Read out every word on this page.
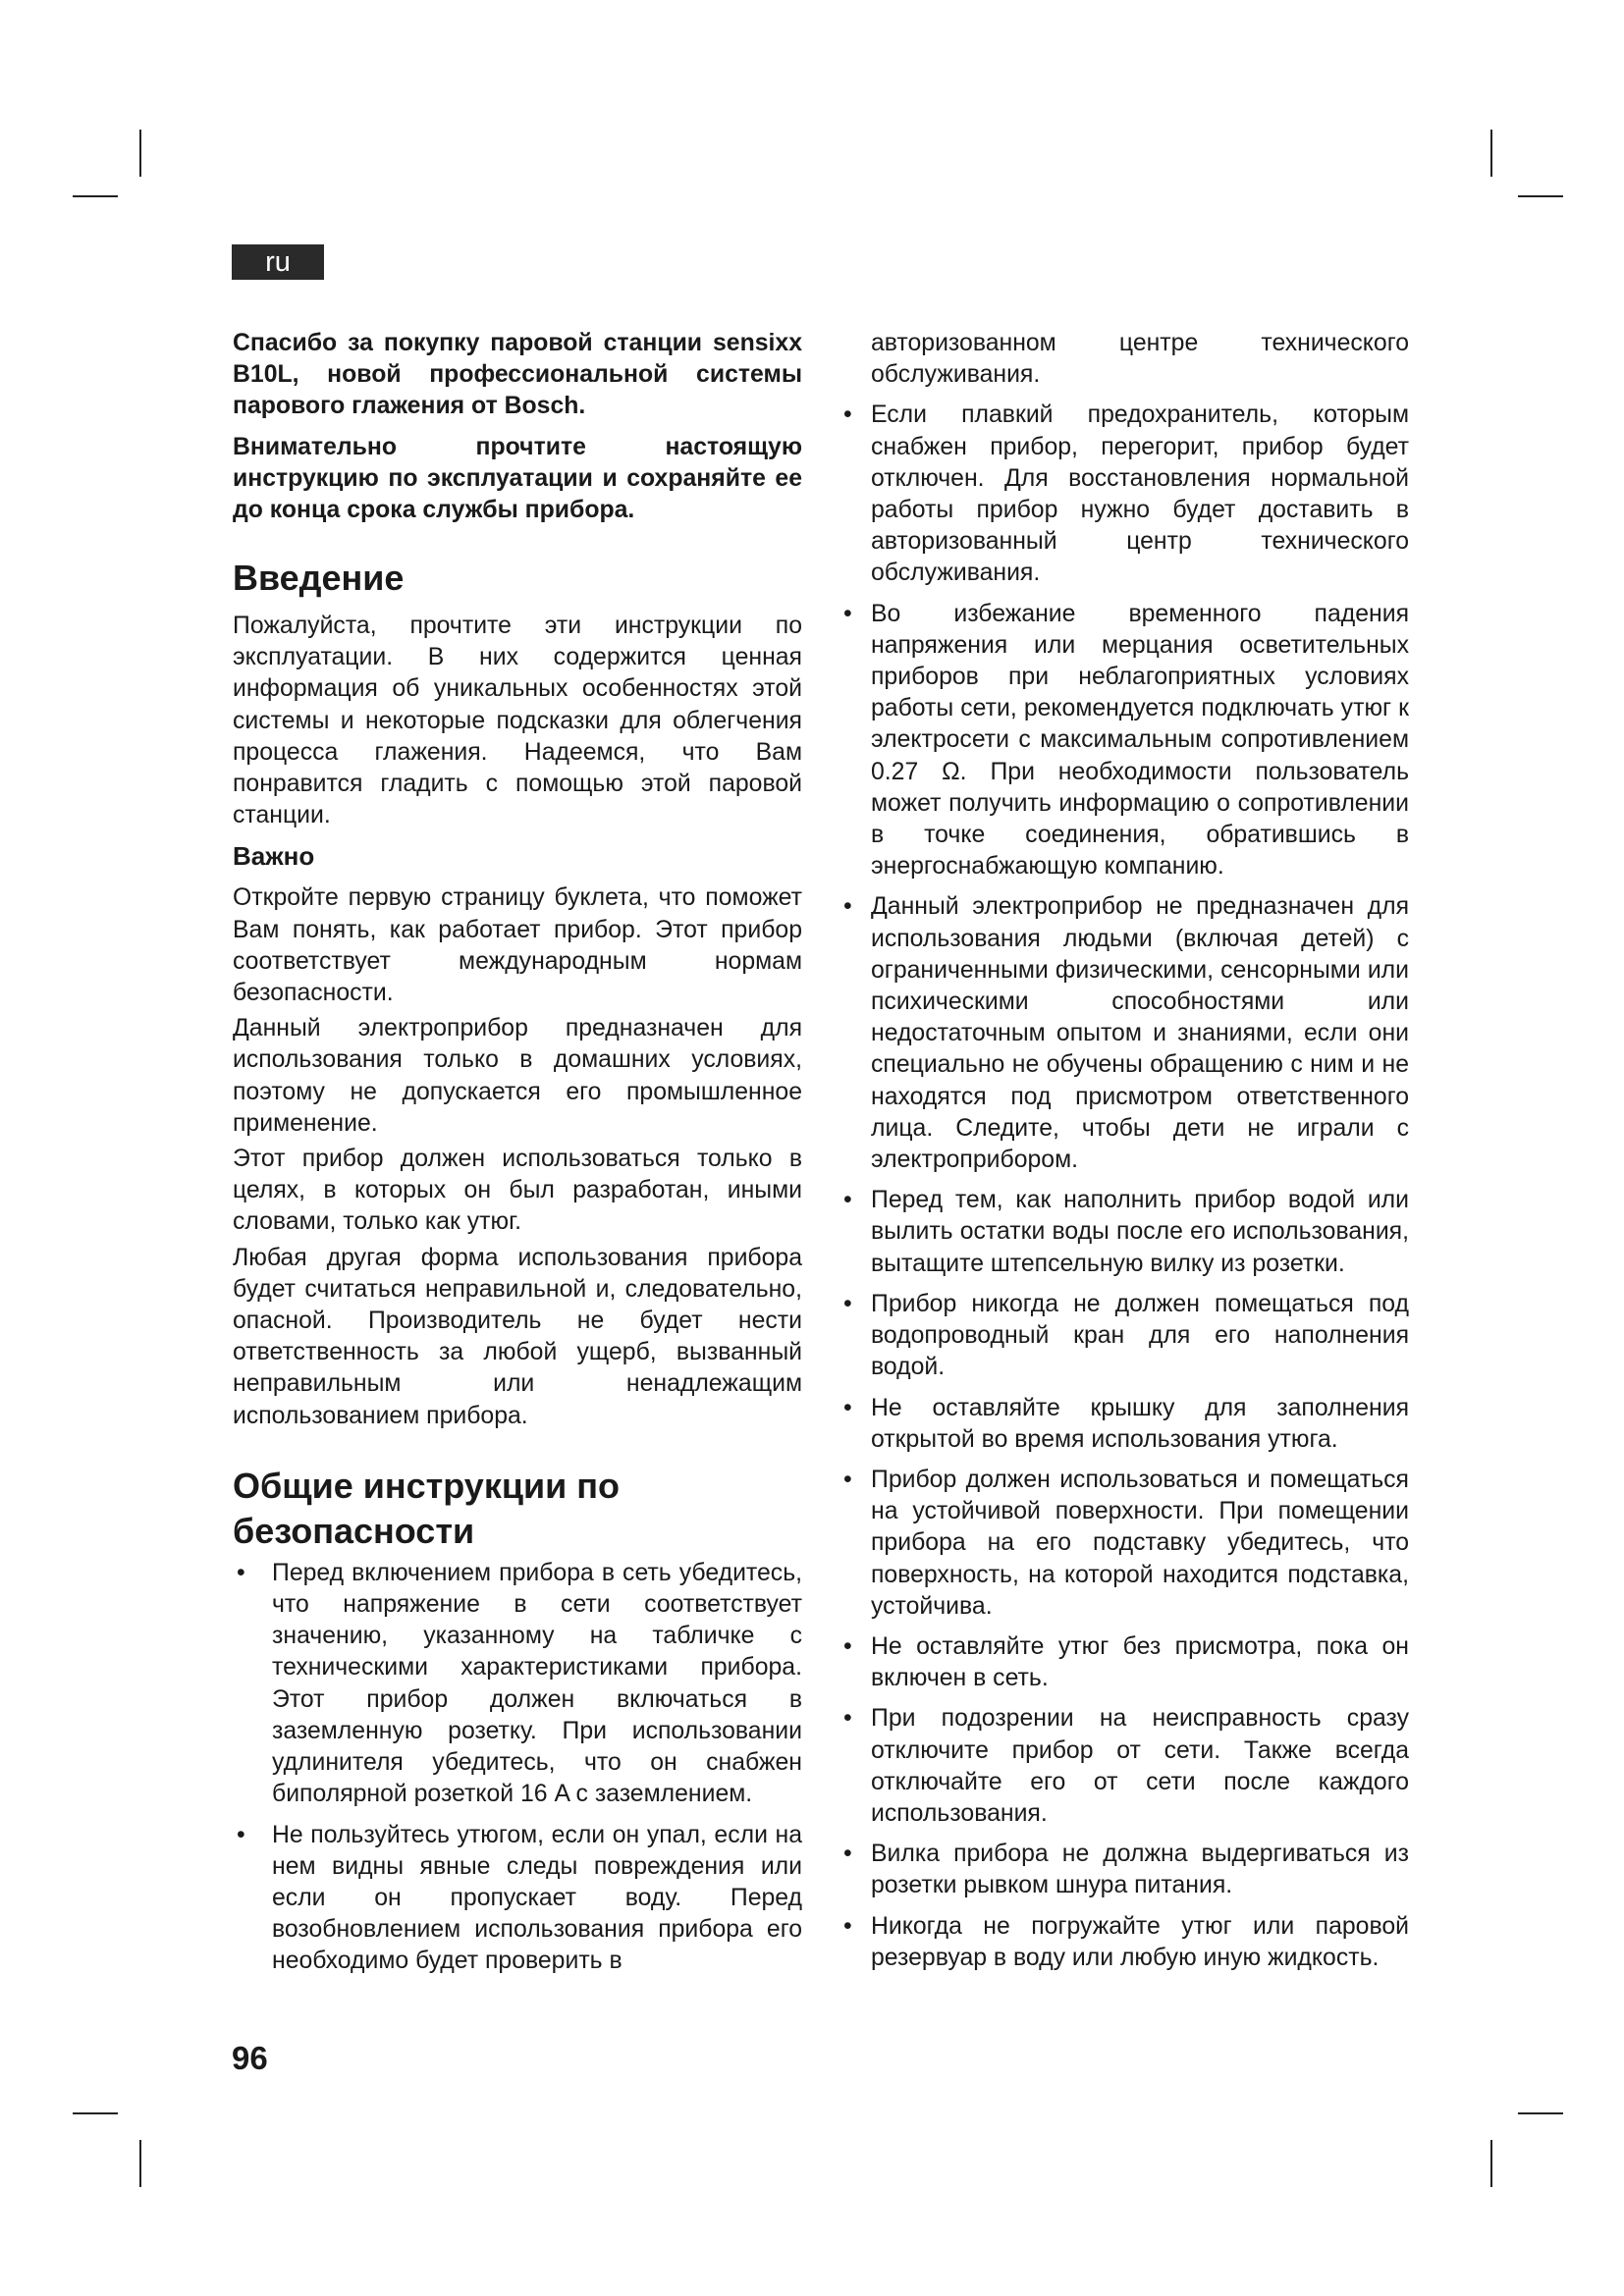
ru

Спасибо за покупку паровой станции sensixx B10L, новой профессиональной системы парового глажения от Bosch.

Внимательно прочтите настоящую инструкцию по эксплуатации и сохраняйте ее до конца срока службы прибора.

Введение

Пожалуйста, прочтите эти инструкции по эксплуатации. В них содержится ценная информация об уникальных особенностях этой системы и некоторые подсказки для облегчения процесса глажения. Надеемся, что Вам понравится гладить с помощью этой паровой станции.

Важно

Откройте первую страницу буклета, что поможет Вам понять, как работает прибор. Этот прибор соответствует международным нормам безопасности.

Данный электроприбор предназначен для использования только в домашних условиях, поэтому не допускается его промышленное применение.

Этот прибор должен использоваться только в целях, в которых он был разработан, иными словами, только как утюг.

Любая другая форма использования прибора будет считаться неправильной и, следовательно, опасной. Производитель не будет нести ответственность за любой ущерб, вызванный неправильным или ненадлежащим использованием прибора.

Общие инструкции по
безопасности
• Перед включением прибора в сеть убедитесь, что напряжение в сети соответствует значению, указанному на табличке с техническими характеристиками прибора. Этот прибор должен включаться в заземленную розетку. При использовании удлинителя убедитесь, что он снабжен биполярной розеткой 16 A с заземлением.
• Не пользуйтесь утюгом, если он упал, если на нем видны явные следы повреждения или если он пропускает воду. Перед возобновлением использования прибора его необходимо будет проверить в

авторизованном центре технического обслуживания.

• Если плавкий предохранитель, которым снабжен прибор, перегорит, прибор будет отключен. Для восстановления нормальной работы прибор нужно будет доставить в авторизованный центр технического обслуживания.
• Во избежание временного падения напряжения или мерцания осветительных приборов при неблагоприятных условиях работы сети, рекомендуется подключать утюг к электросети с максимальным сопротивлением 0.27 Ω. При необходимости пользователь может получить информацию о сопротивлении в точке соединения, обратившись в энергоснабжающую компанию.
• Данный электроприбор не предназначен для использования людьми (включая детей) с ограниченными физическими, сенсорными или психическими способностями или недостаточным опытом и знаниями, если они специально не обучены обращению с ним и не находятся под присмотром ответственного лица. Следите, чтобы дети не играли с электроприбором.
• Перед тем, как наполнить прибор водой или вылить остатки воды после его использования, вытащите штепсельную вилку из розетки.
• Прибор никогда не должен помещаться под водопроводный кран для его наполнения водой.
• Не оставляйте крышку для заполнения открытой во время использования утюга.
• Прибор должен использоваться и помещаться на устойчивой поверхности. При помещении прибора на его подставку убедитесь, что поверхность, на которой находится подставка, устойчива.
• Не оставляйте утюг без присмотра, пока он включен в сеть.
• При подозрении на неисправность сразу отключите прибор от сети. Также всегда отключайте его от сети после каждого использования.
• Вилка прибора не должна выдергиваться из розетки рывком шнура питания.
• Никогда не погружайте утюг или паровой резервуар в воду или любую иную жидкость.
96
